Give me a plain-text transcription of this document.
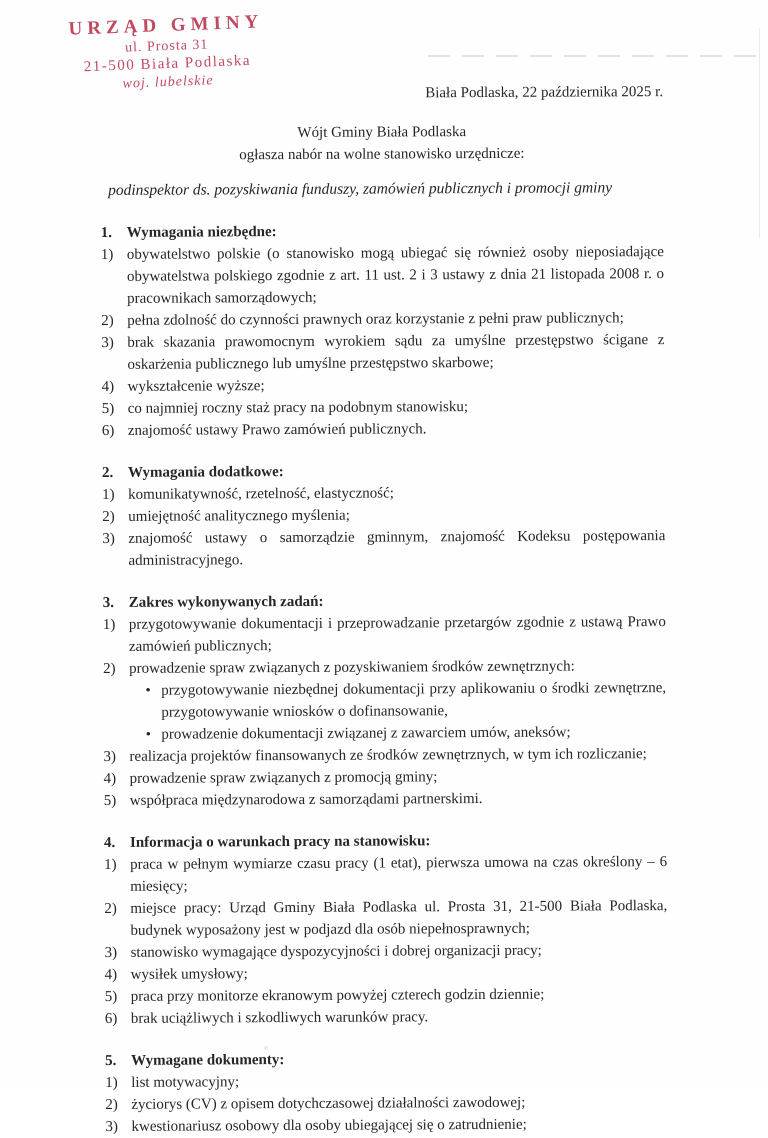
URZĄD GMINY
ul. Prosta 31
21-500 Biała Podlaska
woj. lubelskie
Biała Podlaska, 22 października 2025 r.
Wójt Gminy Biała Podlaska
ogłasza nabór na wolne stanowisko urzędnicze:
podinspektor ds. pozyskiwania funduszy, zamówień publicznych i promocji gminy
1. Wymagania niezbędne:
1) obywatelstwo polskie (o stanowisko mogą ubiegać się również osoby nieposiadające obywatelstwa polskiego zgodnie z art. 11 ust. 2 i 3 ustawy z dnia 21 listopada 2008 r. o pracownikach samorządowych;
2) pełna zdolność do czynności prawnych oraz korzystanie z pełni praw publicznych;
3) brak skazania prawomocnym wyrokiem sądu za umyślne przestępstwo ścigane z oskarżenia publicznego lub umyślne przestępstwo skarbowe;
4) wykształcenie wyższe;
5) co najmniej roczny staż pracy na podobnym stanowisku;
6) znajomość ustawy Prawo zamówień publicznych.
2. Wymagania dodatkowe:
1) komunikatywność, rzetelność, elastyczność;
2) umiejętność analitycznego myślenia;
3) znajomość ustawy o samorządzie gminnym, znajomość Kodeksu postępowania administracyjnego.
3. Zakres wykonywanych zadań:
1) przygotowywanie dokumentacji i przeprowadzanie przetargów zgodnie z ustawą Prawo zamówień publicznych;
2) prowadzenie spraw związanych z pozyskiwaniem środków zewnętrznych:
• przygotowywanie niezbędnej dokumentacji przy aplikowaniu o środki zewnętrzne, przygotowywanie wniosków o dofinansowanie,
• prowadzenie dokumentacji związanej z zawarciem umów, aneksów;
3) realizacja projektów finansowanych ze środków zewnętrznych, w tym ich rozliczanie;
4) prowadzenie spraw związanych z promocją gminy;
5) współpraca międzynarodowa z samorządami partnerskimi.
4. Informacja o warunkach pracy na stanowisku:
1) praca w pełnym wymiarze czasu pracy (1 etat), pierwsza umowa na czas określony – 6 miesięcy;
2) miejsce pracy: Urząd Gminy Biała Podlaska ul. Prosta 31, 21-500 Biała Podlaska, budynek wyposażony jest w podjazd dla osób niepełnosprawnych;
3) stanowisko wymagające dyspozycyjności i dobrej organizacji pracy;
4) wysiłek umysłowy;
5) praca przy monitorze ekranowym powyżej czterech godzin dziennie;
6) brak uciążliwych i szkodliwych warunków pracy.
5. Wymagane dokumenty:
1) list motywacyjny;
2) życiorys (CV) z opisem dotychczasowej działalności zawodowej;
3) kwestionariusz osobowy dla osoby ubiegającej się o zatrudnienie;
